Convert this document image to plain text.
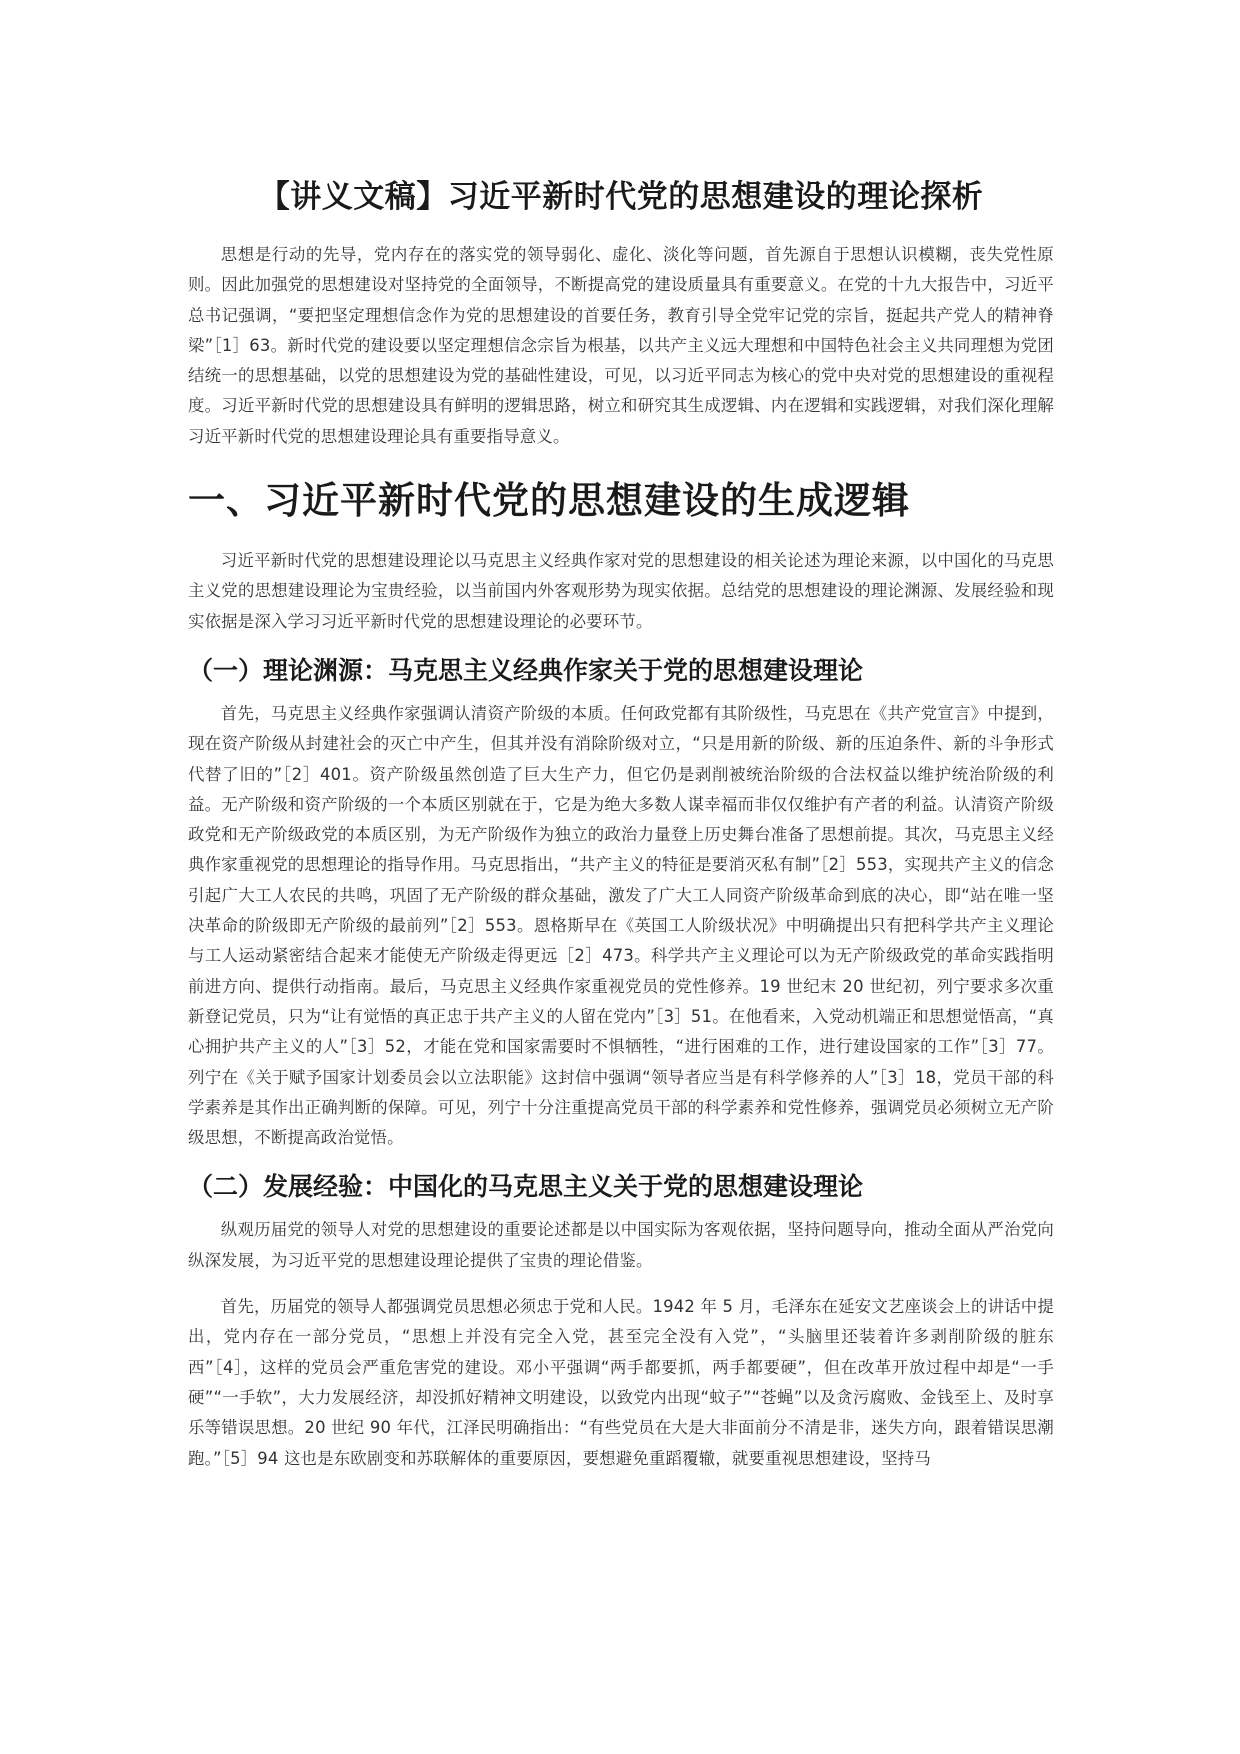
【讲义文稿】习近平新时代党的思想建设的理论探析

思想是行动的先导，党内存在的落实党的领导弱化、虚化、淡化等问题，首先源自于思想认识模糊，丧失党性原则。因此加强党的思想建设对坚持党的全面领导，不断提高党的建设质量具有重要意义。在党的十九大报告中，习近平总书记强调，“要把坚定理想信念作为党的思想建设的首要任务，教育引导全党牢记党的宗旨，挺起共产党人的精神脊梁”［1］63。新时代党的建设要以坚定理想信念宗旨为根基，以共产主义远大理想和中国特色社会主义共同理想为党团结统一的思想基础，以党的思想建设为党的基础性建设，可见，以习近平同志为核心的党中央对党的思想建设的重视程度。习近平新时代党的思想建设具有鲜明的逻辑思路，树立和研究其生成逻辑、内在逻辑和实践逻辑，对我们深化理解习近平新时代党的思想建设理论具有重要指导意义。

一、习近平新时代党的思想建设的生成逻辑

习近平新时代党的思想建设理论以马克思主义经典作家对党的思想建设的相关论述为理论来源，以中国化的马克思主义党的思想建设理论为宝贵经验，以当前国内外客观形势为现实依据。总结党的思想建设的理论渊源、发展经验和现实依据是深入学习习近平新时代党的思想建设理论的必要环节。

（一）理论渊源：马克思主义经典作家关于党的思想建设理论

首先，马克思主义经典作家强调认清资产阶级的本质。任何政党都有其阶级性，马克思在《共产党宣言》中提到，现在资产阶级从封建社会的灭亡中产生，但其并没有消除阶级对立，“只是用新的阶级、新的压迫条件、新的斗争形式代替了旧的”［2］401。资产阶级虽然创造了巨大生产力，但它仍是剥削被统治阶级的合法权益以维护统治阶级的利益。无产阶级和资产阶级的一个本质区别就在于，它是为绝大多数人谋幸福而非仅仅维护有产者的利益。认清资产阶级政党和无产阶级政党的本质区别，为无产阶级作为独立的政治力量登上历史舞台准备了思想前提。其次，马克思主义经典作家重视党的思想理论的指导作用。马克思指出，“共产主义的特征是要消灭私有制”［2］553，实现共产主义的信念引起广大工人农民的共鸣，巩固了无产阶级的群众基础，激发了广大工人同资产阶级革命到底的决心，即“站在唯一坚决革命的阶级即无产阶级的最前列”［2］553。恩格斯早在《英国工人阶级状况》中明确提出只有把科学共产主义理论与工人运动紧密结合起来才能使无产阶级走得更远［2］473。科学共产主义理论可以为无产阶级政党的革命实践指明前进方向、提供行动指南。最后，马克思主义经典作家重视党员的党性修养。19 世纪末 20 世纪初，列宁要求多次重新登记党员，只为“让有觉悟的真正忠于共产主义的人留在党内”［3］51。在他看来，入党动机端正和思想觉悟高，“真心拥护共产主义的人”［3］52，才能在党和国家需要时不惧牺牲，“进行困难的工作，进行建设国家的工作”［3］77。列宁在《关于赋予国家计划委员会以立法职能》这封信中强调“领导者应当是有科学修养的人”［3］18，党员干部的科学素养是其作出正确判断的保障。可见，列宁十分注重提高党员干部的科学素养和党性修养，强调党员必须树立无产阶级思想，不断提高政治觉悟。

（二）发展经验：中国化的马克思主义关于党的思想建设理论

纵观历届党的领导人对党的思想建设的重要论述都是以中国实际为客观依据，坚持问题导向，推动全面从严治党向纵深发展，为习近平党的思想建设理论提供了宝贵的理论借鉴。

首先，历届党的领导人都强调党员思想必须忠于党和人民。1942 年 5 月，毛泽东在延安文艺座谈会上的讲话中提出，党内存在一部分党员，“思想上并没有完全入党，甚至完全没有入党”，“头脑里还装着许多剥削阶级的脏东西”［4］，这样的党员会严重危害党的建设。邓小平强调“两手都要抓，两手都要硬”，但在改革开放过程中却是“一手硬”“一手软”，大力发展经济，却没抓好精神文明建设，以致党内出现“蚊子”“苍蝇”以及贪污腐败、金钱至上、及时享乐等错误思想。20 世纪 90 年代，江泽民明确指出：“有些党员在大是大非面前分不清是非，迷失方向，跟着错误思潮跑。”［5］94 这也是东欧剧变和苏联解体的重要原因，要想避免重蹈覆辙，就要重视思想建设，坚持马
